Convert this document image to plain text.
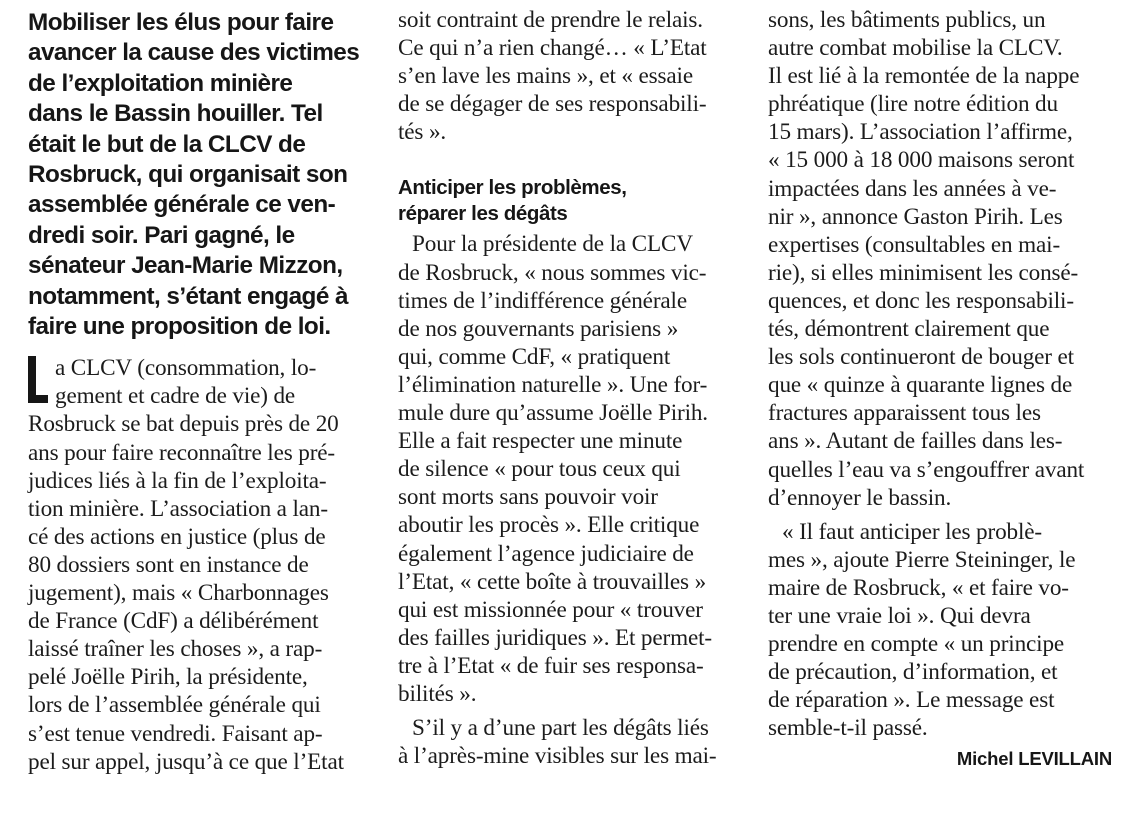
Mobiliser les élus pour faire
avancer la cause des victimes
de l’exploitation minière
dans le Bassin houiller. Tel
était le but de la CLCV de
Rosbruck, qui organisait son
assemblée générale ce ven-
dredi soir. Pari gagné, le
sénateur Jean-Marie Mizzon,
notamment, s’étant engagé à
faire une proposition de loi.
a CLCV (consommation, lo-
gement et cadre de vie) de
Rosbruck se bat depuis près de 20
ans pour faire reconnaître les pré-
judices liés à la fin de l’exploita-
tion minière. L’association a lan-
cé des actions en justice (plus de
80 dossiers sont en instance de
jugement), mais « Charbonnages
de France (CdF) a délibérément
laissé traîner les choses », a rap-
pelé Joëlle Pirih, la présidente,
lors de l’assemblée générale qui
s’est tenue vendredi. Faisant ap-
pel sur appel, jusqu’à ce que l’Etat
soit contraint de prendre le relais.
Ce qui n’a rien changé… « L’Etat
s’en lave les mains », et « essaie
de se dégager de ses responsabili-
tés ».
Anticiper les problèmes,
réparer les dégâts
Pour la présidente de la CLCV
de Rosbruck, « nous sommes vic-
times de l’indifférence générale
de nos gouvernants parisiens »
qui, comme CdF, « pratiquent
l’élimination naturelle ». Une for-
mule dure qu’assume Joëlle Pirih.
Elle a fait respecter une minute
de silence « pour tous ceux qui
sont morts sans pouvoir voir
aboutir les procès ». Elle critique
également l’agence judiciaire de
l’Etat, « cette boîte à trouvailles »
qui est missionnée pour « trouver
des failles juridiques ». Et permet-
tre à l’Etat « de fuir ses responsa-
bilités ».
S’il y a d’une part les dégâts liés
à l’après-mine visibles sur les mai-
sons, les bâtiments publics, un
autre combat mobilise la CLCV.
Il est lié à la remontée de la nappe
phréatique (lire notre édition du
15 mars). L’association l’affirme,
« 15 000 à 18 000 maisons seront
impactées dans les années à ve-
nir », annonce Gaston Pirih. Les
expertises (consultables en mai-
rie), si elles minimisent les consé-
quences, et donc les responsabili-
tés, démontrent clairement que
les sols continueront de bouger et
que « quinze à quarante lignes de
fractures apparaissent tous les
ans ». Autant de failles dans les-
quelles l’eau va s’engouffrer avant
d’ennoyer le bassin.
« Il faut anticiper les problè-
mes », ajoute Pierre Steininger, le
maire de Rosbruck, « et faire vo-
ter une vraie loi ». Qui devra
prendre en compte « un principe
de précaution, d’information, et
de réparation ». Le message est
semble-t-il passé.
Michel LEVILLAIN
